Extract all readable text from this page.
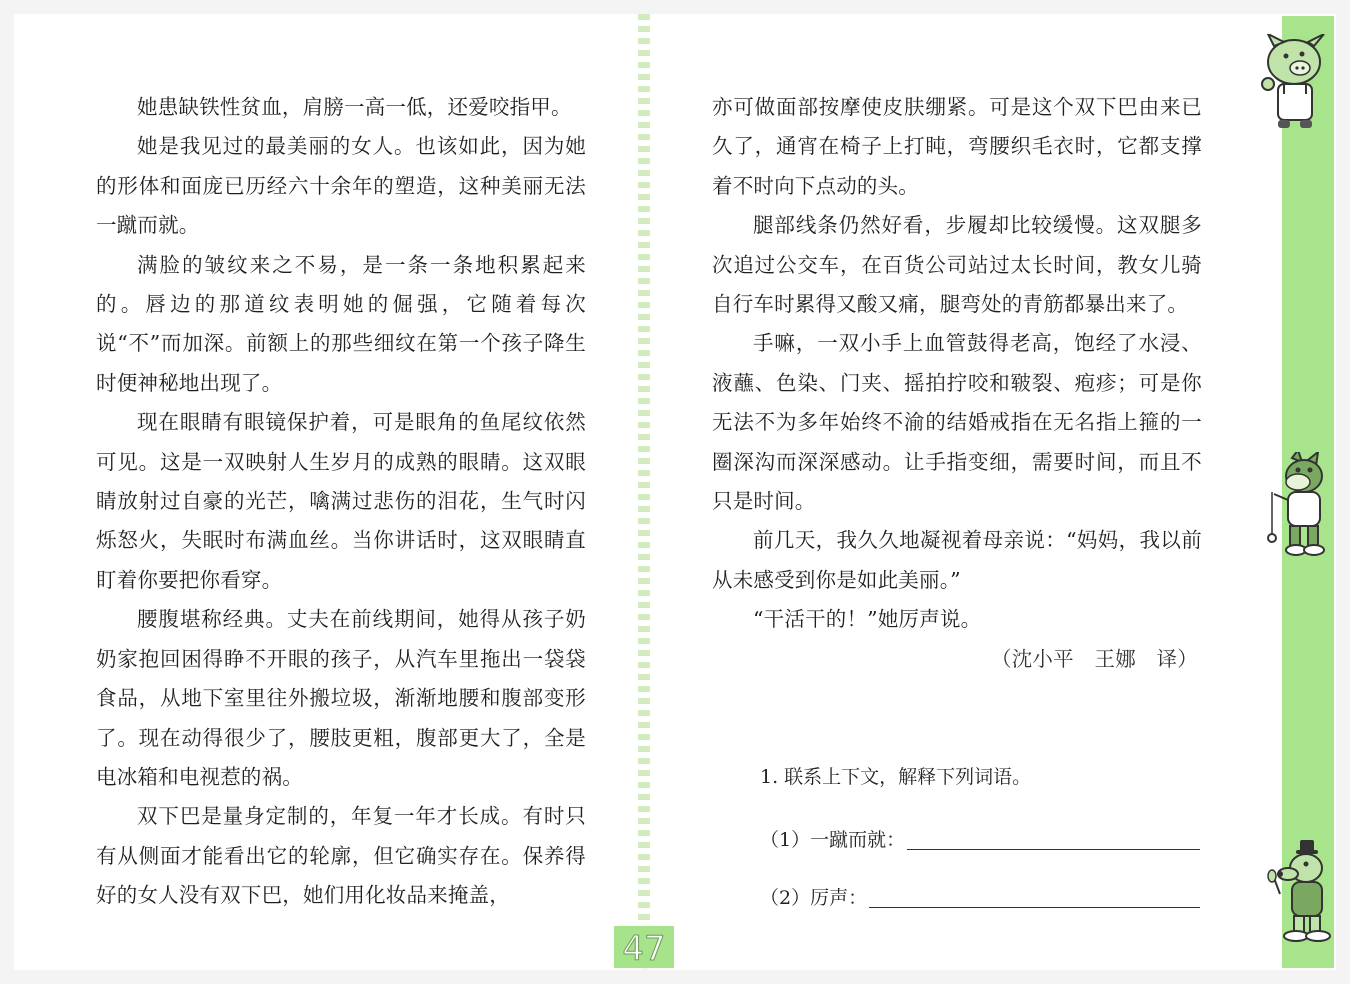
她患缺铁性贫血，肩膀一高一低，还爱咬指甲。

她是我见过的最美丽的女人。也该如此，因为她的形体和面庞已历经六十余年的塑造，这种美丽无法一蹴而就。

满脸的皱纹来之不易，是一条一条地积累起来的。唇边的那道纹表明她的倔强，它随着每次说“不”而加深。前额上的那些细纹在第一个孩子降生时便神秘地出现了。

现在眼睛有眼镜保护着，可是眼角的鱼尾纹依然可见。这是一双映射人生岁月的成熟的眼睛。这双眼睛放射过自豪的光芒，噙满过悲伤的泪花，生气时闪烁怒火，失眠时布满血丝。当你讲话时，这双眼睛直盯着你要把你看穿。

腰腹堪称经典。丈夫在前线期间，她得从孩子奶奶家抱回困得睁不开眼的孩子，从汽车里拖出一袋袋食品，从地下室里往外搬垃圾，渐渐地腰和腹部变形了。现在动得很少了，腰肢更粗，腹部更大了，全是电冰箱和电视惹的祸。

双下巴是量身定制的，年复一年才长成。有时只有从侧面才能看出它的轮廓，但它确实存在。保养得好的女人没有双下巴，她们用化妆品来掩盖，

亦可做面部按摩使皮肤绷紧。可是这个双下巴由来已久了，通宵在椅子上打盹，弯腰织毛衣时，它都支撑着不时向下点动的头。

腿部线条仍然好看，步履却比较缓慢。这双腿多次追过公交车，在百货公司站过太长时间，教女儿骑自行车时累得又酸又痛，腿弯处的青筋都暴出来了。

手嘛，一双小手上血管鼓得老高，饱经了水浸、液蘸、色染、门夹、摇拍拧咬和皲裂、疱疹；可是你无法不为多年始终不渝的结婚戒指在无名指上箍的一圈深沟而深深感动。让手指变细，需要时间，而且不只是时间。

前几天，我久久地凝视着母亲说：“妈妈，我以前从未感受到你是如此美丽。”

“干活干的！”她厉声说。

（沈小平　王娜　译）

1. 联系上下文，解释下列词语。
（1）一蹴而就：
（2）厉声：
47
